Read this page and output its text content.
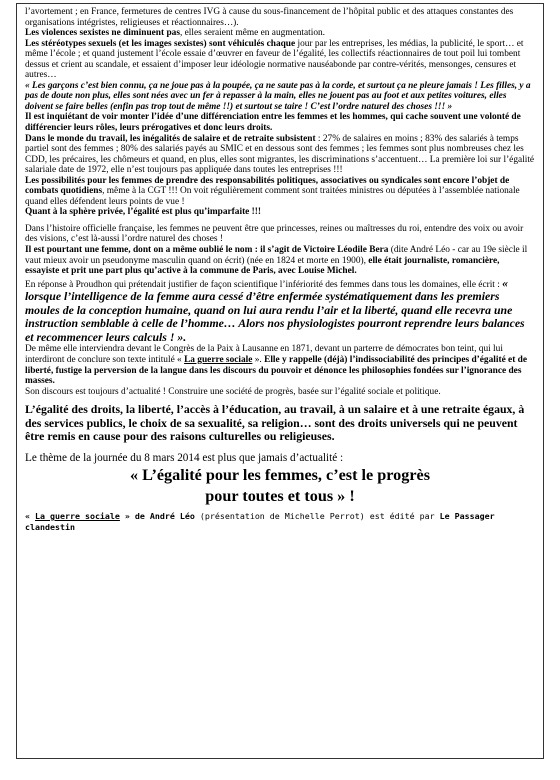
l’avortement ; en France, fermetures de centres IVG à cause du sous-financement de l’hôpital public et des attaques constantes des organisations intégristes, religieuses et réactionnaires…).

Les violences sexistes ne diminuent pas, elles seraient même en augmentation.

Les stéréotypes sexuels (et les images sexistes) sont véhiculés chaque jour par les entreprises, les médias, la publicité, le sport… et même l’école ; et quand justement l’école essaie d’œuvrer en faveur de l’égalité, les collectifs réactionnaires de tout poil lui tombent dessus et crient au scandale, et essaient d’imposer leur idéologie normative nauséabonde par contre-vérités, mensonges, censures et autres…

« Les garçons c’est bien connu, ça ne joue pas à la poupée, ça ne saute pas à la corde, et surtout ça ne pleure jamais ! Les filles, y a pas de doute non plus, elles sont nées avec un fer à repasser à la main, elles ne jouent pas au foot et aux petites voitures, elles doivent se faire belles (enfin pas trop tout de même !!) et surtout se taire ! C’est l’ordre naturel des choses !!! »

Il est inquiétant de voir monter l’idée d’une différenciation entre les femmes et les hommes, qui cache souvent une volonté de différencier leurs rôles, leurs prérogatives et donc leurs droits.

Dans le monde du travail, les inégalités de salaire et de retraite subsistent : 27% de salaires en moins ; 83% des salariés à temps partiel sont des femmes ; 80% des salariés payés au SMIC et en dessous sont des femmes ; les femmes sont plus nombreuses chez les CDD, les précaires, les chômeurs et quand, en plus, elles sont migrantes, les discriminations s’accentuent… La première loi sur l’égalité salariale date de 1972, elle n’est toujours pas appliquée dans toutes les entreprises !!!

Les possibilités pour les femmes de prendre des responsabilités politiques, associatives ou syndicales sont encore l’objet de combats quotidiens, même à la CGT !!! On voit régulièrement comment sont traitées ministres ou députées à l’assemblée nationale quand elles défendent leurs points de vue !

Quant à la sphère privée, l’égalité est plus qu’imparfaite !!!

Dans l’histoire officielle française, les femmes ne peuvent être que princesses, reines ou maîtresses du roi, entendre des voix ou avoir des visions, c’est là-aussi l’ordre naturel des choses !

Il est pourtant une femme, dont on a même oublié le nom : il s’agit de Victoire Léodile Bera (dite André Léo - car au 19e siècle il vaut mieux avoir un pseudonyme masculin quand on écrit) (née en 1824 et morte en 1900), elle était journaliste, romancière, essayiste et prit une part plus qu’active à la commune de Paris, avec Louise Michel.

En réponse à Proudhon qui prétendait justifier de façon scientifique l’infériorité des femmes dans tous les domaines, elle écrit : « lorsque l’intelligence de la femme aura cessé d’être enfermée systématiquement dans les premiers moules de la conception humaine, quand on lui aura rendu l’air et la liberté, quand elle recevra une instruction semblable à celle de l’homme… Alors nos physiologistes pourront reprendre leurs balances et recommencer leurs calculs ! ».

De même elle interviendra devant le Congrès de la Paix à Lausanne en 1871, devant un parterre de démocrates bon teint, qui lui interdiront de conclure son texte intitulé « La guerre sociale ». Elle y rappelle (déjà) l’indissociabilité des principes d’égalité et de liberté, fustige la perversion de la langue dans les discours du pouvoir et dénonce les philosophies fondées sur l’ignorance des masses.

Son discours est toujours d’actualité ! Construire une société de progrès, basée sur l’égalité sociale et politique.

L’égalité des droits, la liberté, l’accès à l’éducation, au travail, à un salaire et à une retraite égaux, à des services publics, le choix de sa sexualité, sa religion… sont des droits universels qui ne peuvent être remis en cause pour des raisons culturelles ou religieuses.

Le thème de la journée du 8 mars 2014 est plus que jamais d’actualité :

« L’égalité pour les femmes, c’est le progrès

pour toutes et tous » !

« La guerre sociale » de André Léo (présentation de Michelle Perrot) est édité par Le Passager clandestin
